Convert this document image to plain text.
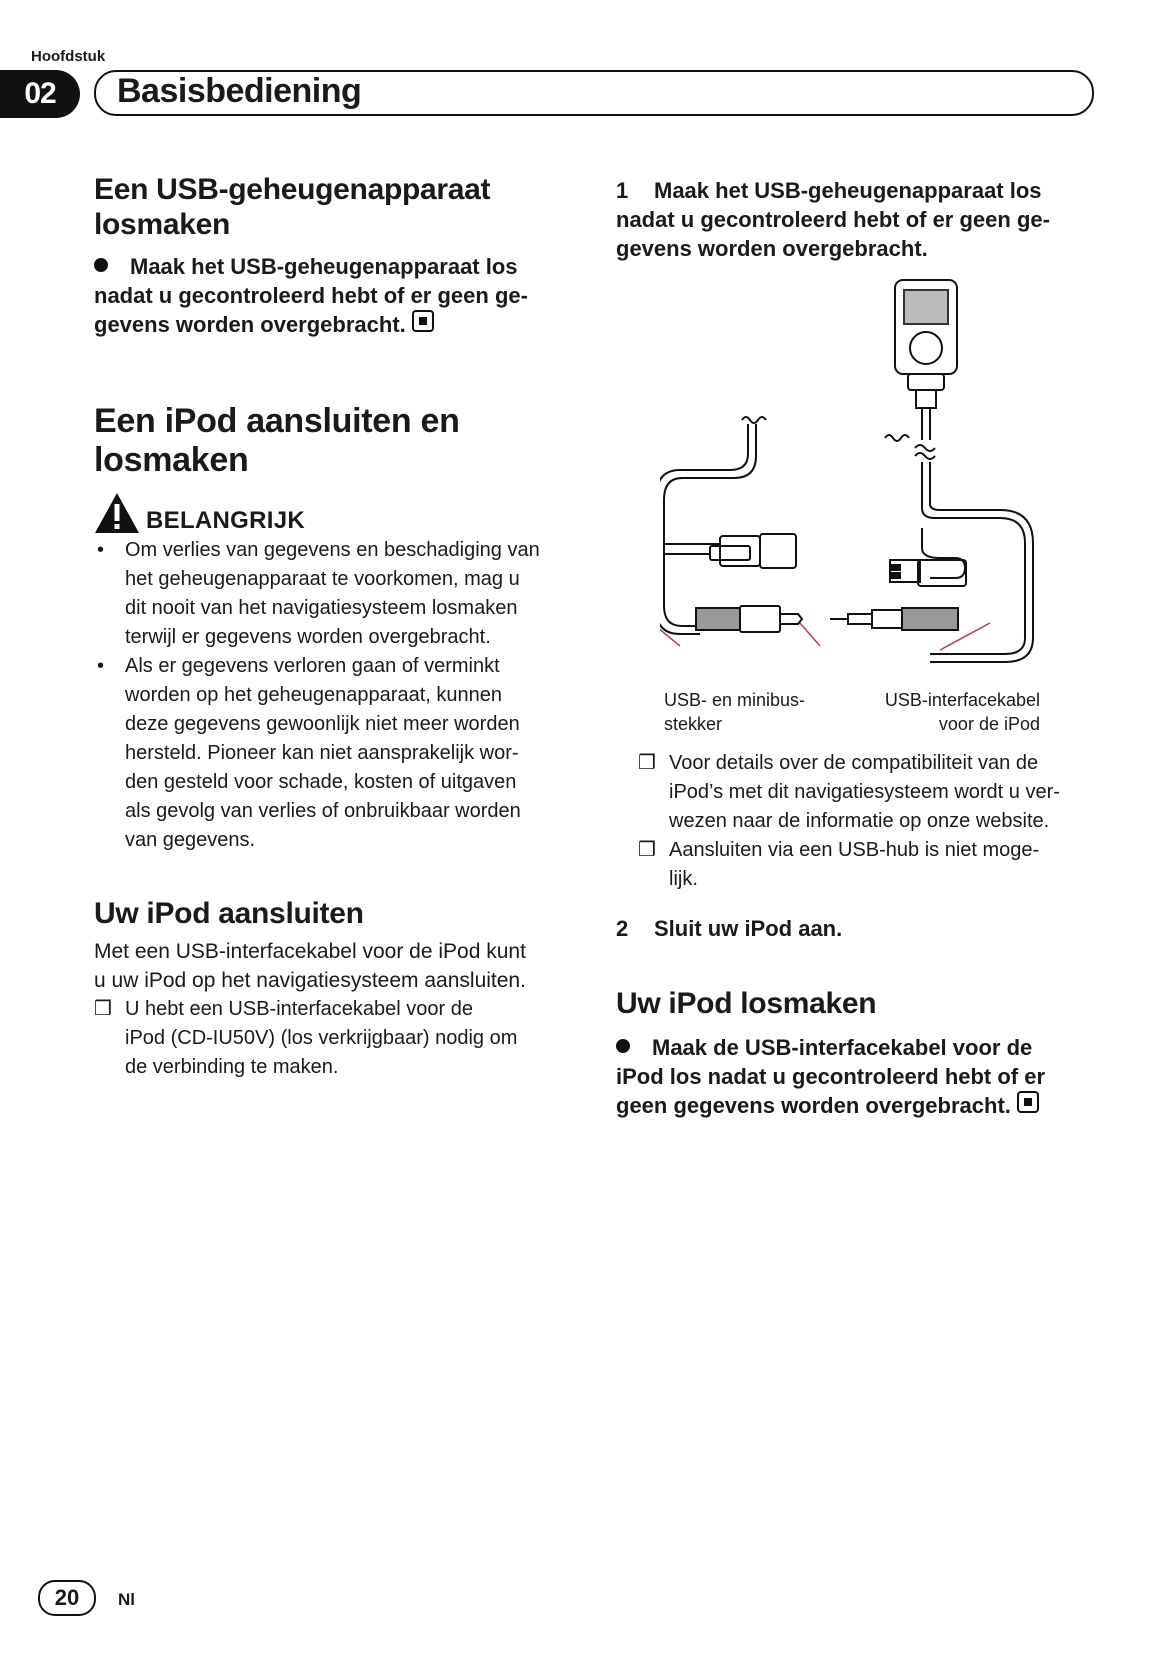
Hoofdstuk
02	Basisbediening
Een USB-geheugenapparaat
losmaken
Maak het USB-geheugenapparaat los
nadat u gecontroleerd hebt of er geen ge-
gevens worden overgebracht.
Een iPod aansluiten en
losmaken
BELANGRIJK
• Om verlies van gegevens en beschadiging van
het geheugenapparaat te voorkomen, mag u
dit nooit van het navigatiesysteem losmaken
terwijl er gegevens worden overgebracht.
• Als er gegevens verloren gaan of verminkt
worden op het geheugenapparaat, kunnen
deze gegevens gewoonlijk niet meer worden
hersteld. Pioneer kan niet aansprakelijk wor-
den gesteld voor schade, kosten of uitgaven
als gevolg van verlies of onbruikbaar worden
van gegevens.
Uw iPod aansluiten
Met een USB-interfacekabel voor de iPod kunt
u uw iPod op het navigatiesysteem aansluiten.
❒ U hebt een USB-interfacekabel voor de
iPod (CD-IU50V) (los verkrijgbaar) nodig om
de verbinding te maken.
1 Maak het USB-geheugenapparaat los
nadat u gecontroleerd hebt of er geen ge-
gevens worden overgebracht.
USB- en minibus-
stekker
USB-interfacekabel
voor de iPod
❒ Voor details over de compatibiliteit van de
iPod’s met dit navigatiesysteem wordt u ver-
wezen naar de informatie op onze website.
❒ Aansluiten via een USB-hub is niet moge-
lijk.
2 Sluit uw iPod aan.
Uw iPod losmaken
Maak de USB-interfacekabel voor de
iPod los nadat u gecontroleerd hebt of er
geen gegevens worden overgebracht.
20	Nl
